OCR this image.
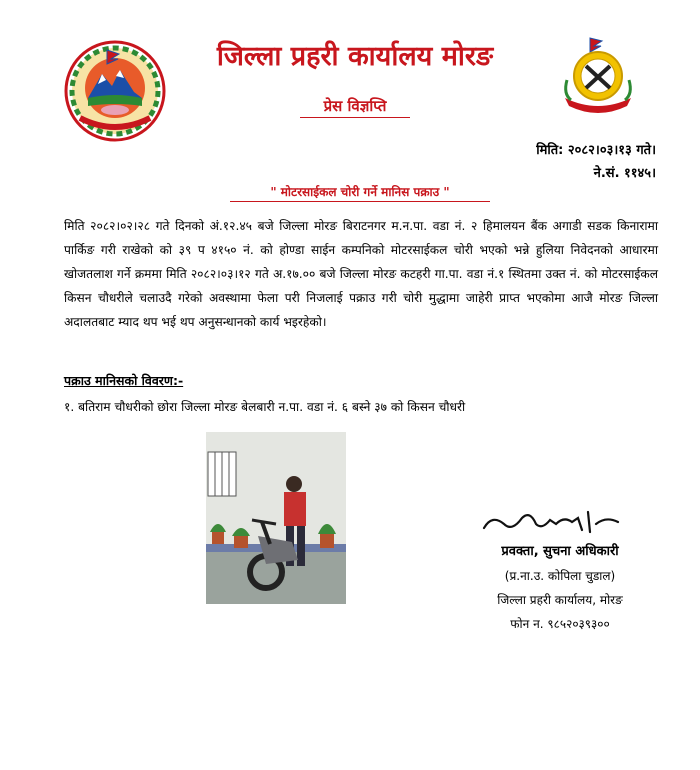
जिल्ला प्रहरी कार्यालय मोरङ
प्रेस विज्ञप्ति
मिति: २०८२।०३।१३ गते।
ने.सं. ११४५।
" मोटरसाईकल चोरी गर्ने मानिस पक्राउ "
मिति २०८२।०२।२८ गते दिनको अं.१२.४५ बजे जिल्ला मोरङ बिराटनगर म.न.पा. वडा नं. २ हिमालयन बैंक अगाडी सडक किनारामा पार्किङ गरी राखेको को ३९ प ४१५० नं. को होण्डा साईन कम्पनिको मोटरसाईकल चोरी भएको भन्ने हुलिया निवेदनको आधारमा खोजतलाश गर्ने क्रममा मिति २०८२।०३।१२ गते अ.१७.०० बजे जिल्ला मोरङ कटहरी गा.पा. वडा नं.१ स्थितमा उक्त नं. को मोटरसाईकल किसन चौधरीले चलाउदै गरेको अवस्थामा फेला परी निजलाई पक्राउ गरी चोरी मुद्धामा जाहेरी प्राप्त भएकोमा आजै मोरङ जिल्ला अदालतबाट म्याद थप भई थप अनुसन्धानको कार्य भइरहेको।
पक्राउ मानिसको विवरण:-
१. बतिराम चौधरीको छोरा जिल्ला मोरङ बेलबारी न.पा. वडा नं. ६ बस्ने ३७ को किसन चौधरी
प्रवक्ता, सुचना अधिकारी
(प्र.ना.उ. कोपिला चुडाल)
जिल्ला प्रहरी कार्यालय, मोरङ
फोन न. ९८५२०३९३००
